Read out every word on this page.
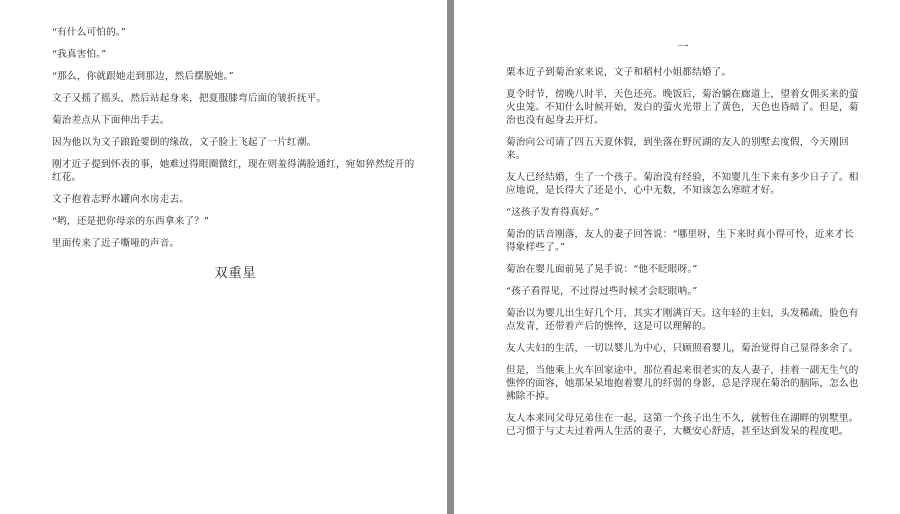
“有什么可怕的。”

“我真害怕。”

“那么，你就跟她走到那边，然后摆脱她。”

文子又摇了摇头，然后站起身来，把夏服膝弯后面的皱折抚平。

菊治差点从下面伸出手去。

因为他以为文子踉跄要倒的缘故，文子脸上飞起了一片红潮。

刚才近子提到怀表的事，她难过得眼圈微红，现在则羞得满脸通红，宛如猝然绽开的红花。

文子抱着志野水罐向水房走去。

“哟，还是把你母亲的东西拿来了？”

里面传来了近子嘶哑的声音。

双重星
一

栗本近子到菊治家来说，文子和稻村小姐都结婚了。

夏令时节，傍晚八时半，天色还亮。晚饭后，菊治躺在廊道上，望着女佣买来的萤火虫笼。不知什么时候开始，发白的萤火光带上了黄色，天色也昏暗了。但是，菊治也没有起身去开灯。

菊治向公司请了四五天夏休假，到坐落在野尻湖的友人的别墅去度假，今天刚回来。

友人已经结婚，生了一个孩子。菊治没有经验，不知婴儿生下来有多少日子了。相应地说，是长得大了还是小，心中无数，不知该怎么寒暄才好。

“这孩子发育得真好。”

菊治的话音刚落，友人的妻子回答说：“哪里呀，生下来时真小得可怜，近来才长得象样些了。”

菊治在婴儿面前晃了晃手说：“他不眨眼呀。”

“孩子看得见，不过得过些时候才会眨眼呐。”

菊治以为婴儿出生好几个月，其实才刚满百天。这年轻的主妇，头发稀疏，脸色有点发青，还带着产后的憔悴，这是可以理解的。

友人夫妇的生活，一切以婴儿为中心，只顾照看婴儿，菊治觉得自己显得多余了。

但是，当他乘上火车回家途中，那位看起来很老实的友人妻子，挂着一副无生气的憔悴的面容，她那呆呆地抱着婴儿的纤弱的身影，总是浮现在菊治的脑际，怎么也拂除不掉。

友人本来同父母兄弟住在一起，这第一个孩子出生不久，就暂住在湖畔的别墅里。已习惯于与丈夫过着两人生活的妻子，大概安心舒适，甚至达到发呆的程度吧。
